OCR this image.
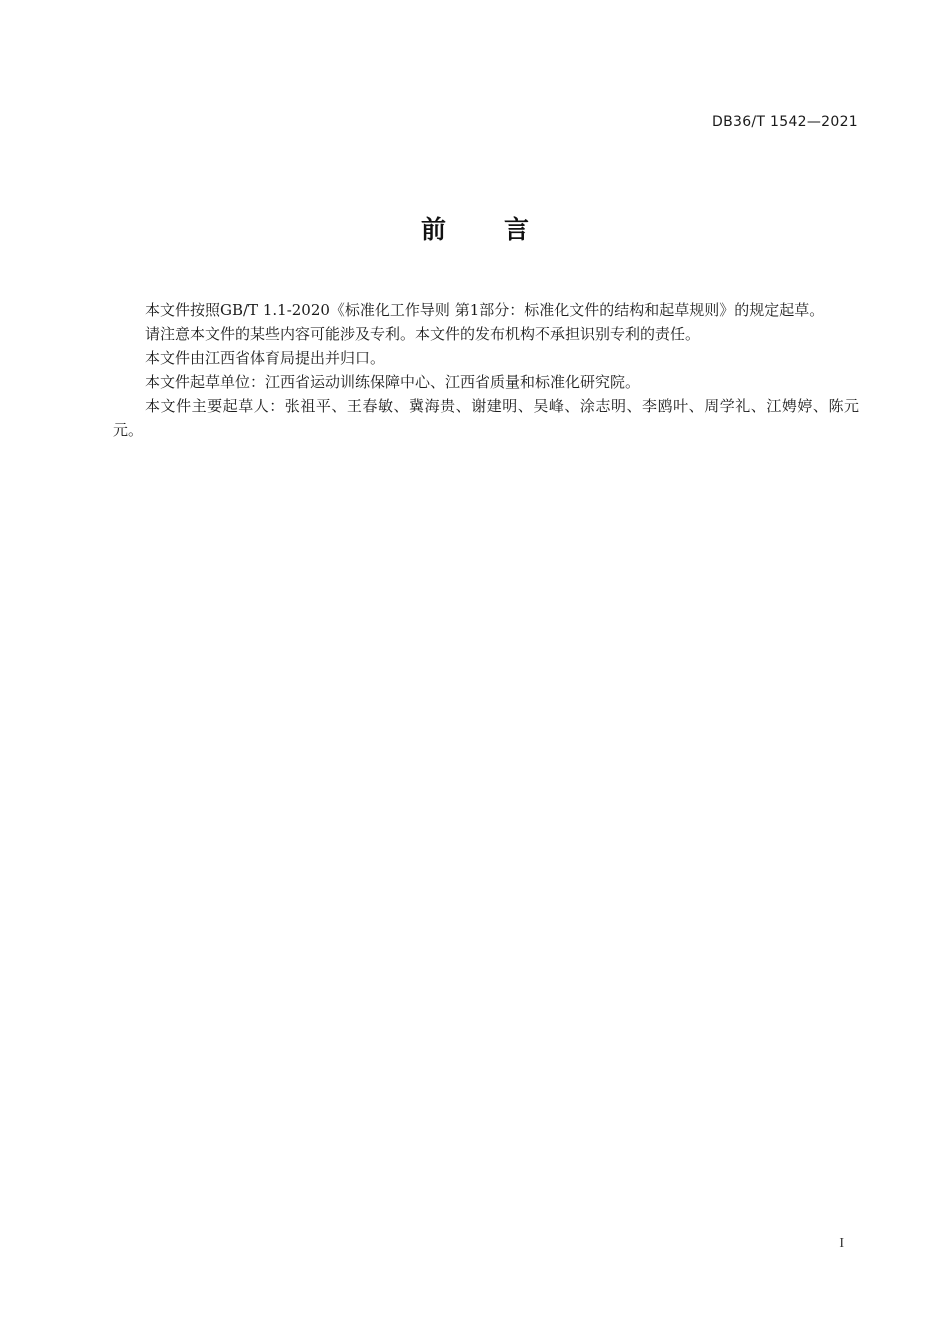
DB36/T 1542—2021
前言

本文件按照GB/T 1.1-2020《标准化工作导则 第1部分：标准化文件的结构和起草规则》的规定起草。

请注意本文件的某些内容可能涉及专利。本文件的发布机构不承担识别专利的责任。

本文件由江西省体育局提出并归口。

本文件起草单位：江西省运动训练保障中心、江西省质量和标准化研究院。

本文件主要起草人：张祖平、王春敏、冀海贵、谢建明、吴峰、涂志明、李鸥叶、周学礼、江娉婷、陈元元。

I
